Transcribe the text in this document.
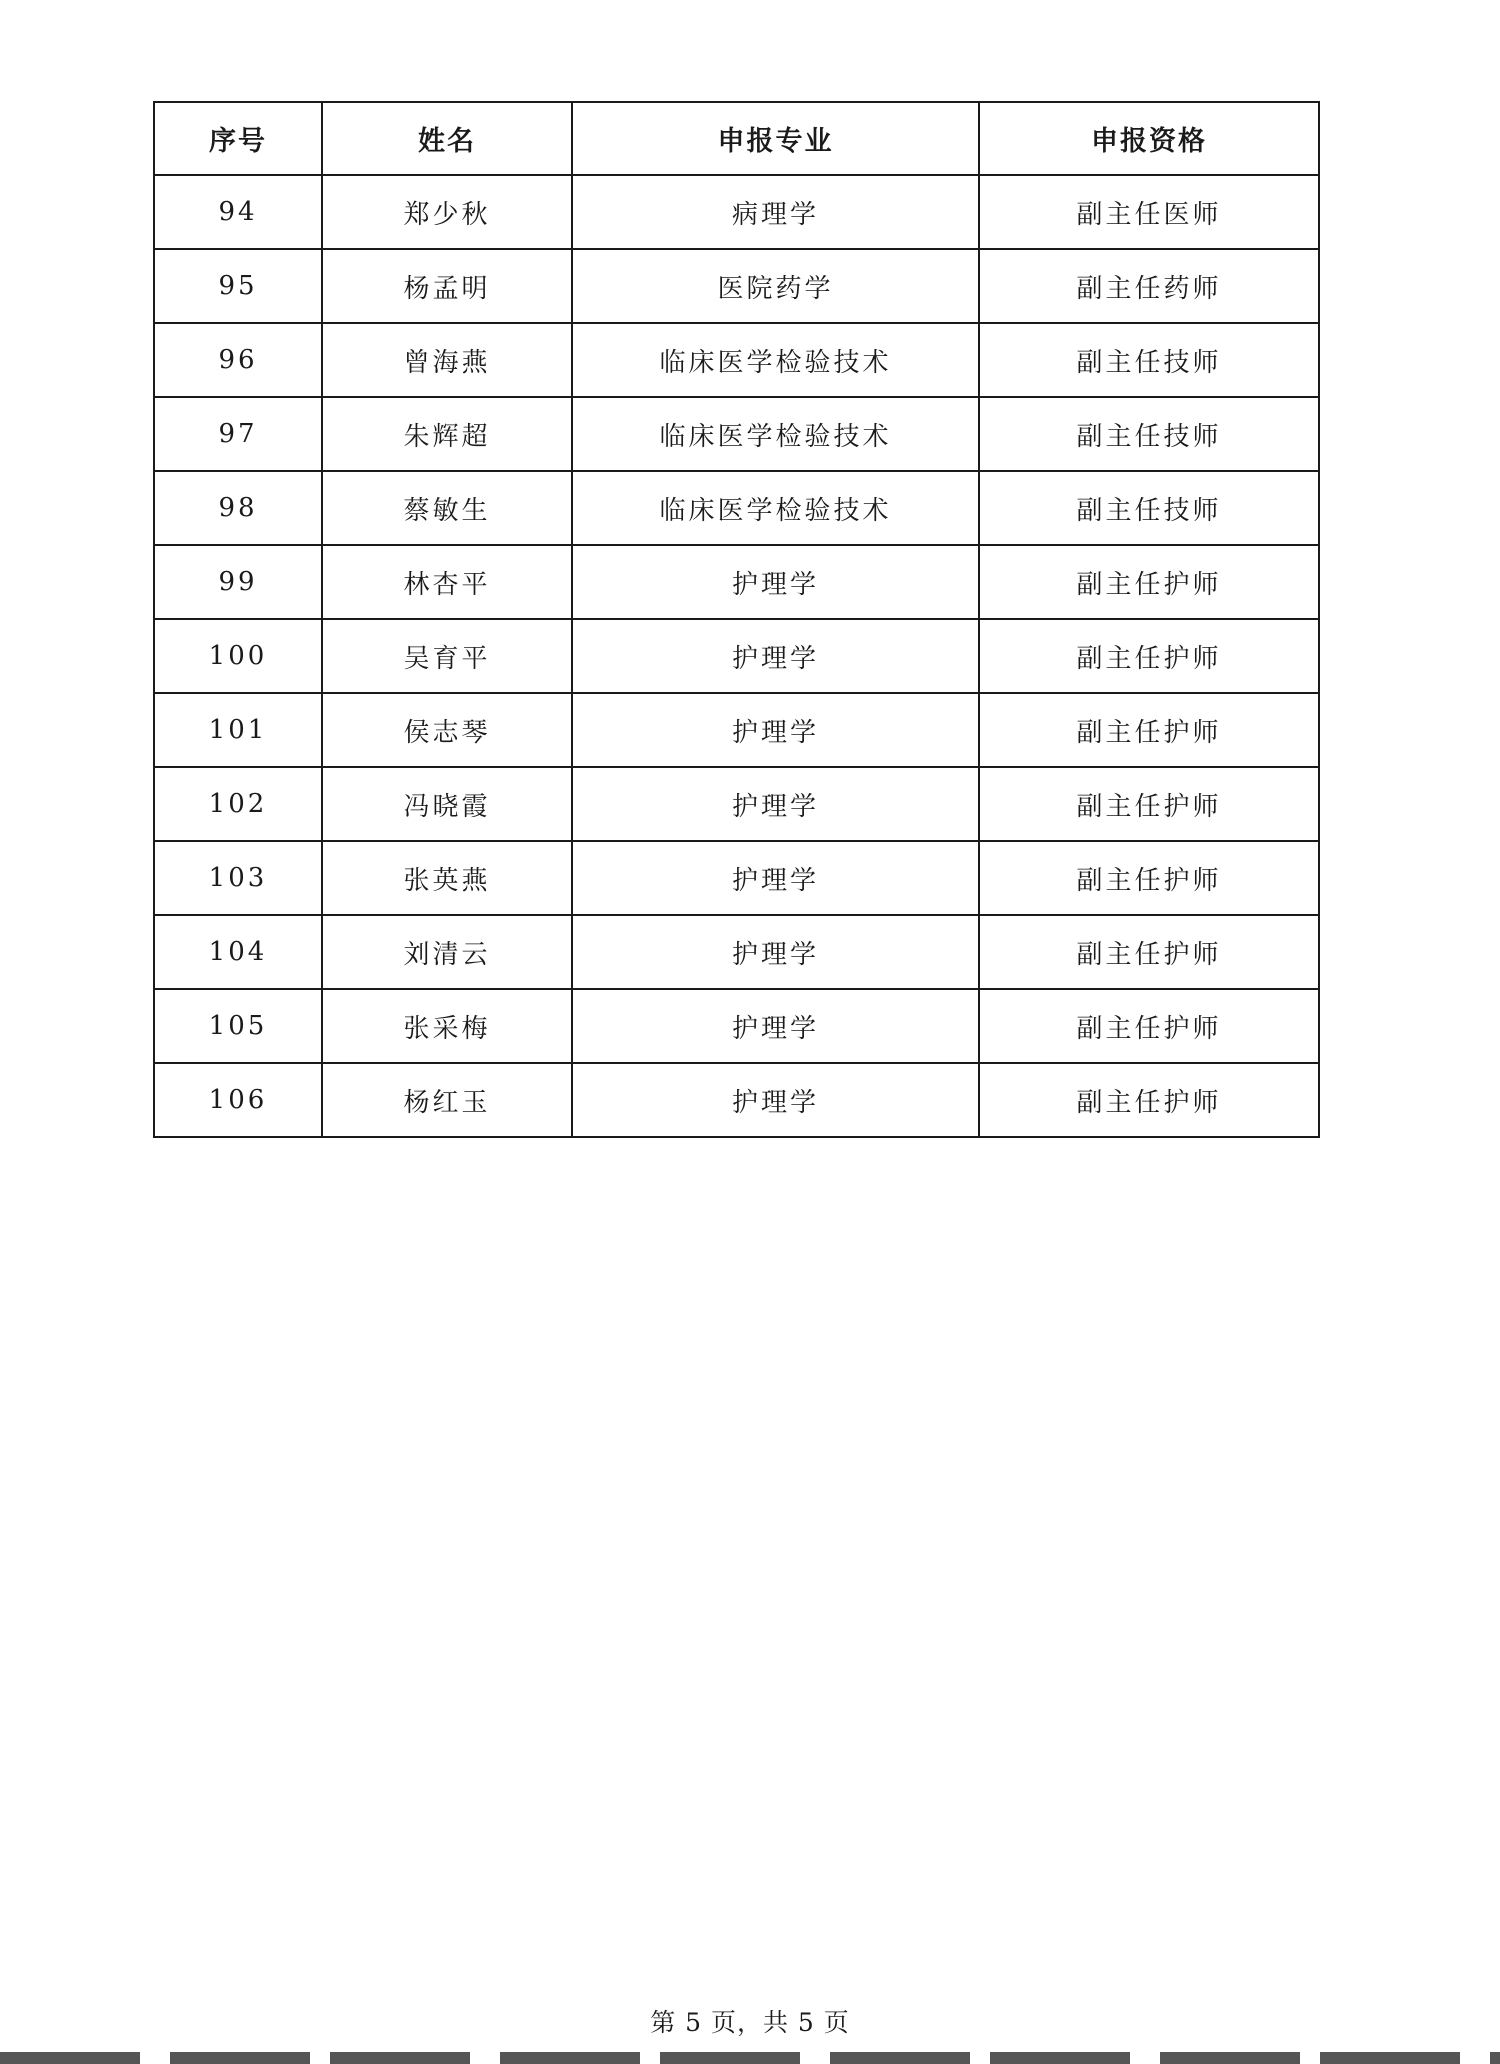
序号	姓名	申报专业	申报资格
94	郑少秋	病理学	副主任医师
95	杨孟明	医院药学	副主任药师
96	曾海燕	临床医学检验技术	副主任技师
97	朱辉超	临床医学检验技术	副主任技师
98	蔡敏生	临床医学检验技术	副主任技师
99	林杏平	护理学	副主任护师
100	吴育平	护理学	副主任护师
101	侯志琴	护理学	副主任护师
102	冯晓霞	护理学	副主任护师
103	张英燕	护理学	副主任护师
104	刘清云	护理学	副主任护师
105	张采梅	护理学	副主任护师
106	杨红玉	护理学	副主任护师
第 5 页，共 5 页
